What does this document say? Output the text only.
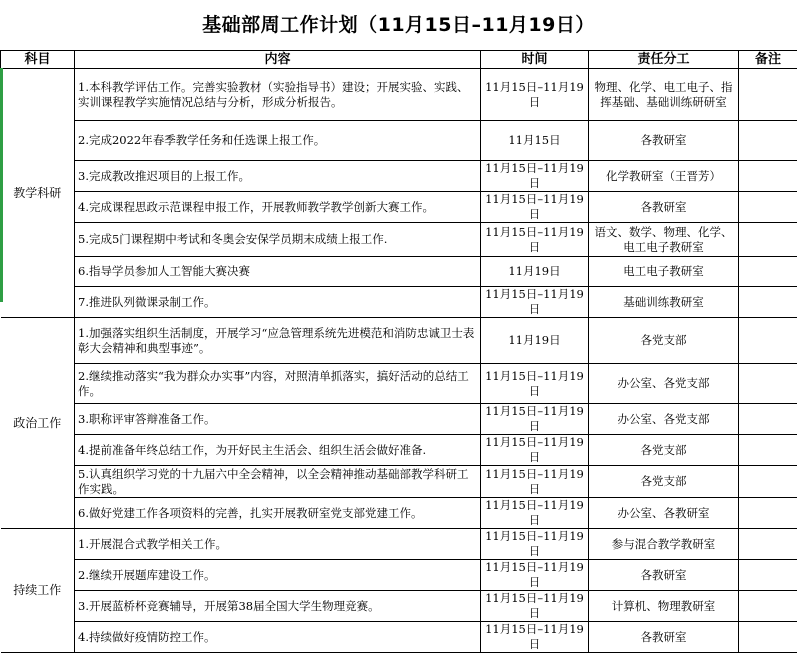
基础部周工作计划（11月15日–11月19日）
科目	内容	时间	责任分工	备注
教学科研	1.本科教学评估工作。完善实验教材（实验指导书）建设；开展实验、实践、实训课程教学实施情况总结与分析，形成分析报告。	11月15日–11月19日	物理、化学、电工电子、指挥基础、基础训练研研室	
	2.完成2022年春季教学任务和任选课上报工作。	11月15日	各教研室	
	3.完成教改推迟项目的上报工作。	11月15日–11月19日	化学教研室（王晋芳）	
	4.完成课程思政示范课程申报工作，开展教师教学教学创新大赛工作。	11月15日–11月19日	各教研室	
	5.完成5门课程期中考试和冬奥会安保学员期末成绩上报工作.	11月15日–11月19日	语文、数学、物理、化学、电工电子教研室	
	6.指导学员参加人工智能大赛决赛	11月19日	电工电子教研室	
	7.推进队列微课录制工作。	11月15日–11月19日	基础训练教研室	
政治工作	1.加强落实组织生活制度，开展学习“应急管理系统先进模范和消防忠诚卫士表彰大会精神和典型事迹”。	11月19日	各党支部	
	2.继续推动落实“我为群众办实事”内容，对照清单抓落实，搞好活动的总结工作。	11月15日–11月19日	办公室、各党支部	
	3.职称评审答辩准备工作。	11月15日–11月19日	办公室、各党支部	
	4.提前准备年终总结工作，为开好民主生活会、组织生活会做好准备.	11月15日–11月19日	各党支部	
	5.认真组织学习党的十九届六中全会精神，以全会精神推动基础部教学科研工作实践。	11月15日–11月19日	各党支部	
	6.做好党建工作各项资料的完善，扎实开展教研室党支部党建工作。	11月15日–11月19日	办公室、各教研室	
持续工作	1.开展混合式教学相关工作。	11月15日–11月19日	参与混合教学教研室	
	2.继续开展题库建设工作。	11月15日–11月19日	各教研室	
	3.开展蓝桥杯竞赛辅导，开展第38届全国大学生物理竞赛。	11月15日–11月19日	计算机、物理教研室	
	4.持续做好疫情防控工作。	11月15日–11月19日	各教研室	
